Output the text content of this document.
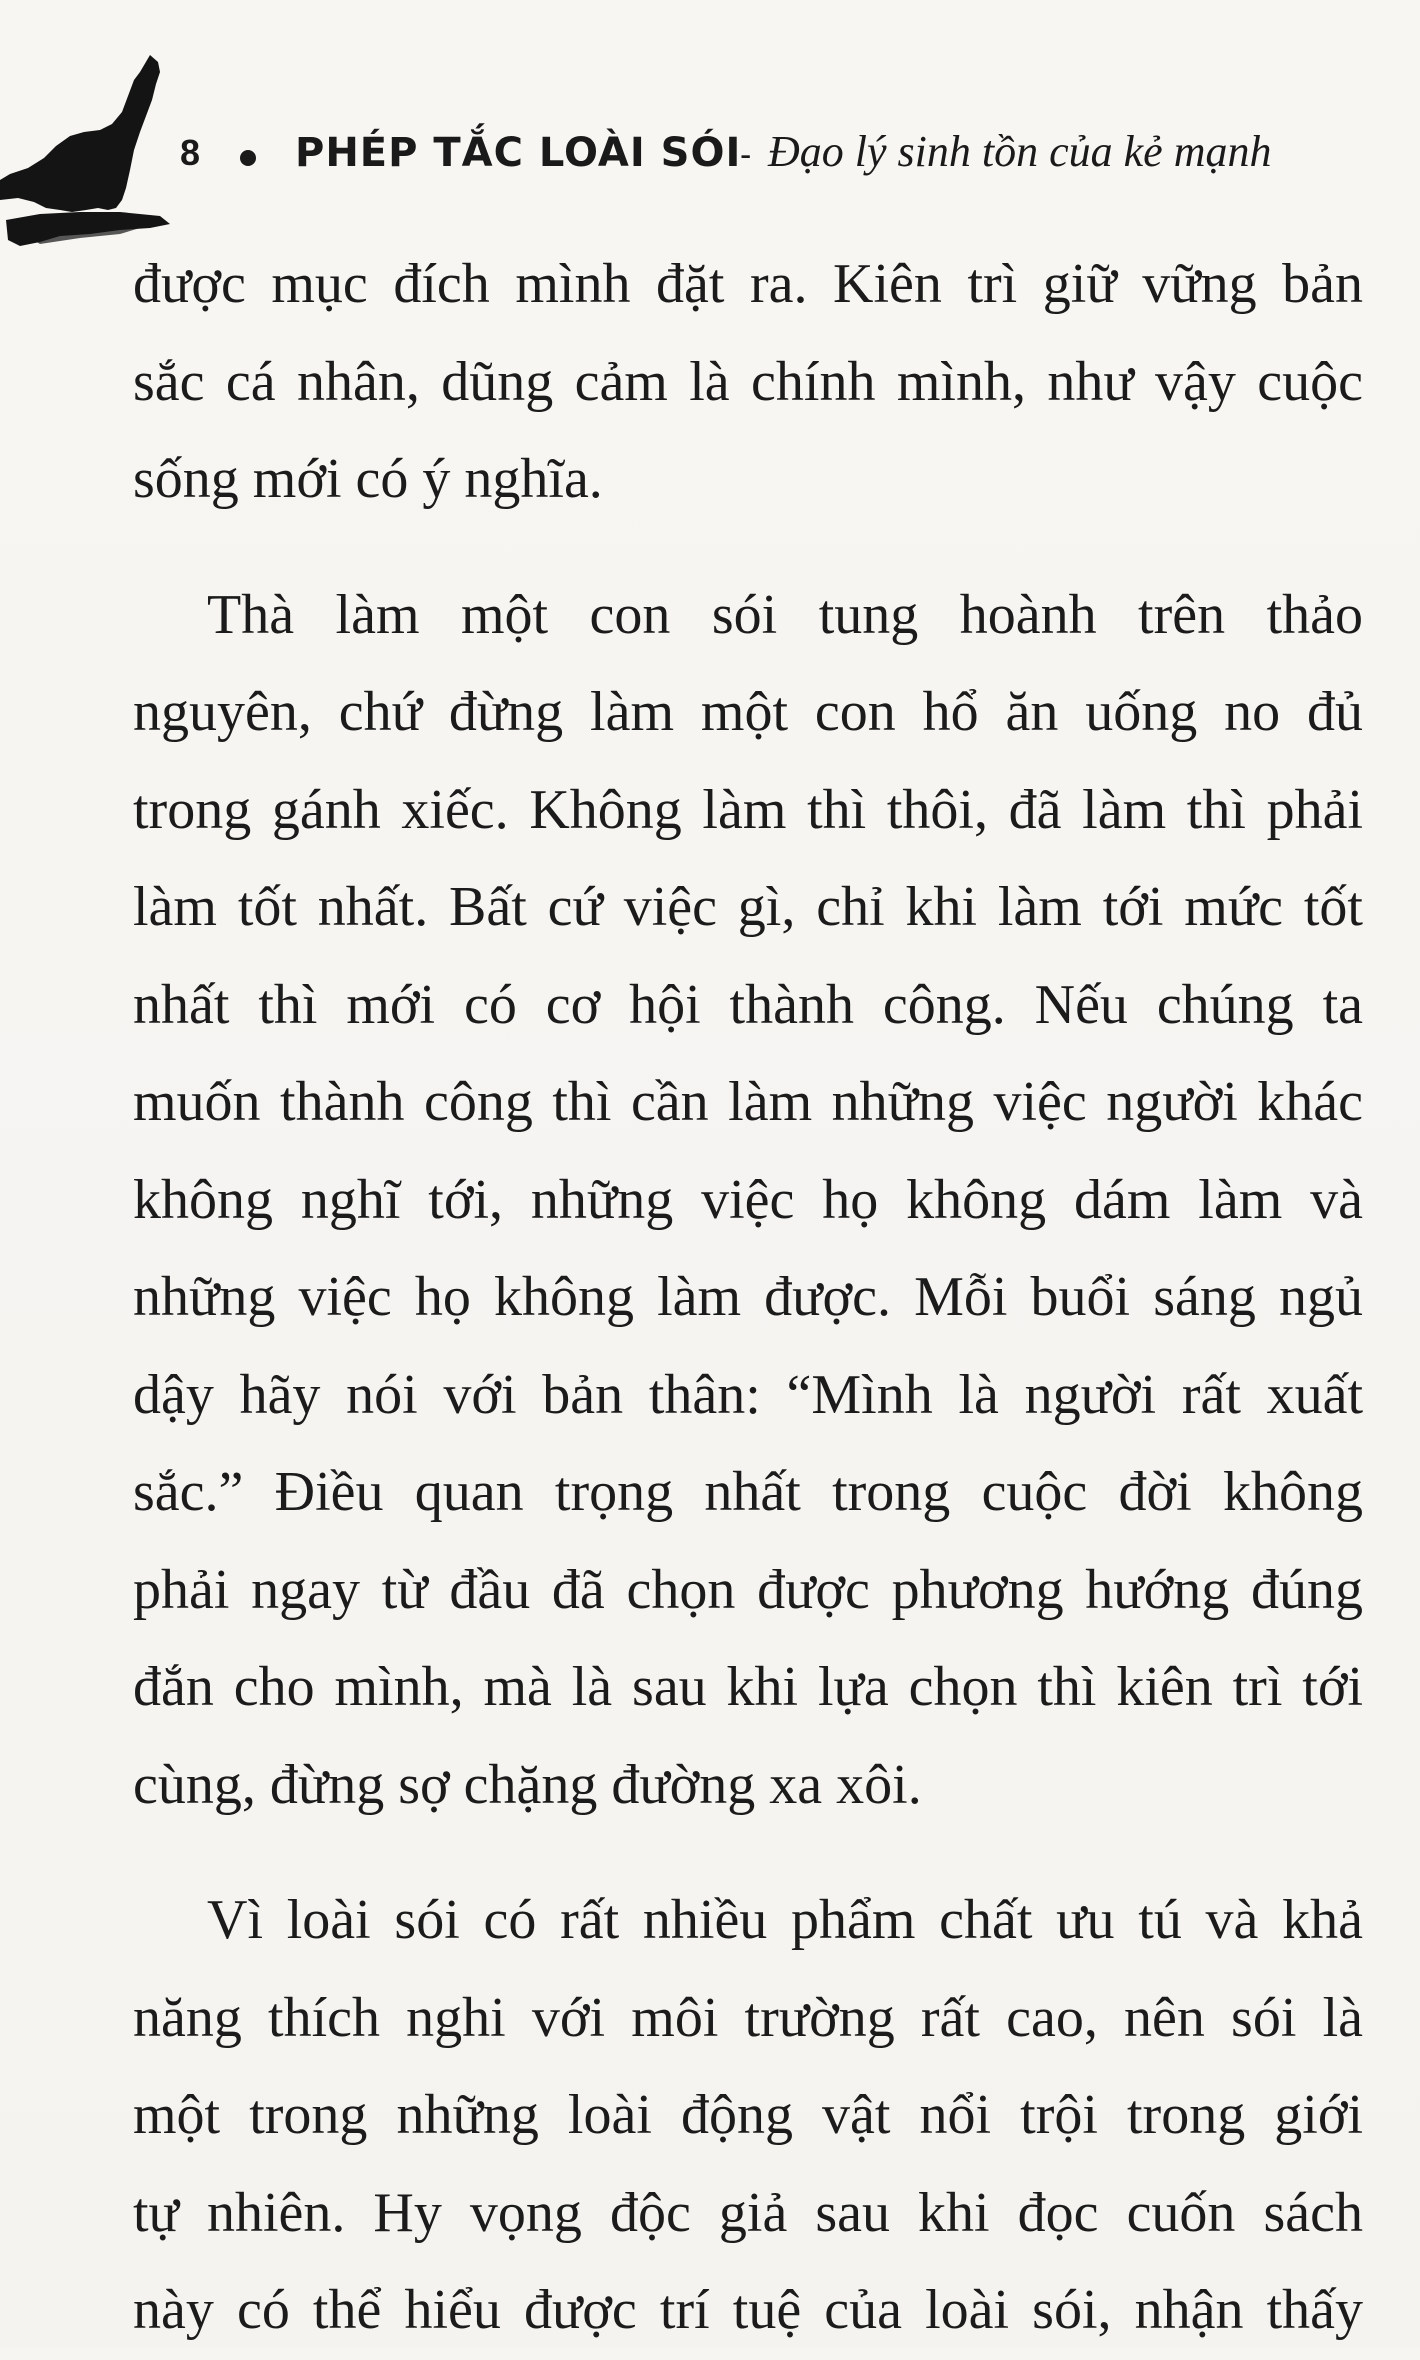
8 PHÉP TẮC LOÀI SÓI
- Đạo lý sinh tồn của kẻ mạnh
được mục đích mình đặt ra. Kiên trì giữ vững bản
sắc cá nhân, dũng cảm là chính mình, như vậy cuộc
sống mới có ý nghĩa.
Thà làm một con sói tung hoành trên thảo
nguyên, chứ đừng làm một con hổ ăn uống no đủ
trong gánh xiếc. Không làm thì thôi, đã làm thì phải
làm tốt nhất. Bất cứ việc gì, chỉ khi làm tới mức tốt
nhất thì mới có cơ hội thành công. Nếu chúng ta
muốn thành công thì cần làm những việc người khác
không nghĩ tới, những việc họ không dám làm và
những việc họ không làm được. Mỗi buổi sáng ngủ
dậy hãy nói với bản thân: “Mình là người rất xuất
sắc.” Điều quan trọng nhất trong cuộc đời không
phải ngay từ đầu đã chọn được phương hướng đúng
đắn cho mình, mà là sau khi lựa chọn thì kiên trì tới
cùng, đừng sợ chặng đường xa xôi.
Vì loài sói có rất nhiều phẩm chất ưu tú và khả
năng thích nghi với môi trường rất cao, nên sói là
một trong những loài động vật nổi trội trong giới
tự nhiên. Hy vọng độc giả sau khi đọc cuốn sách
này có thể hiểu được trí tuệ của loài sói, nhận thấy
